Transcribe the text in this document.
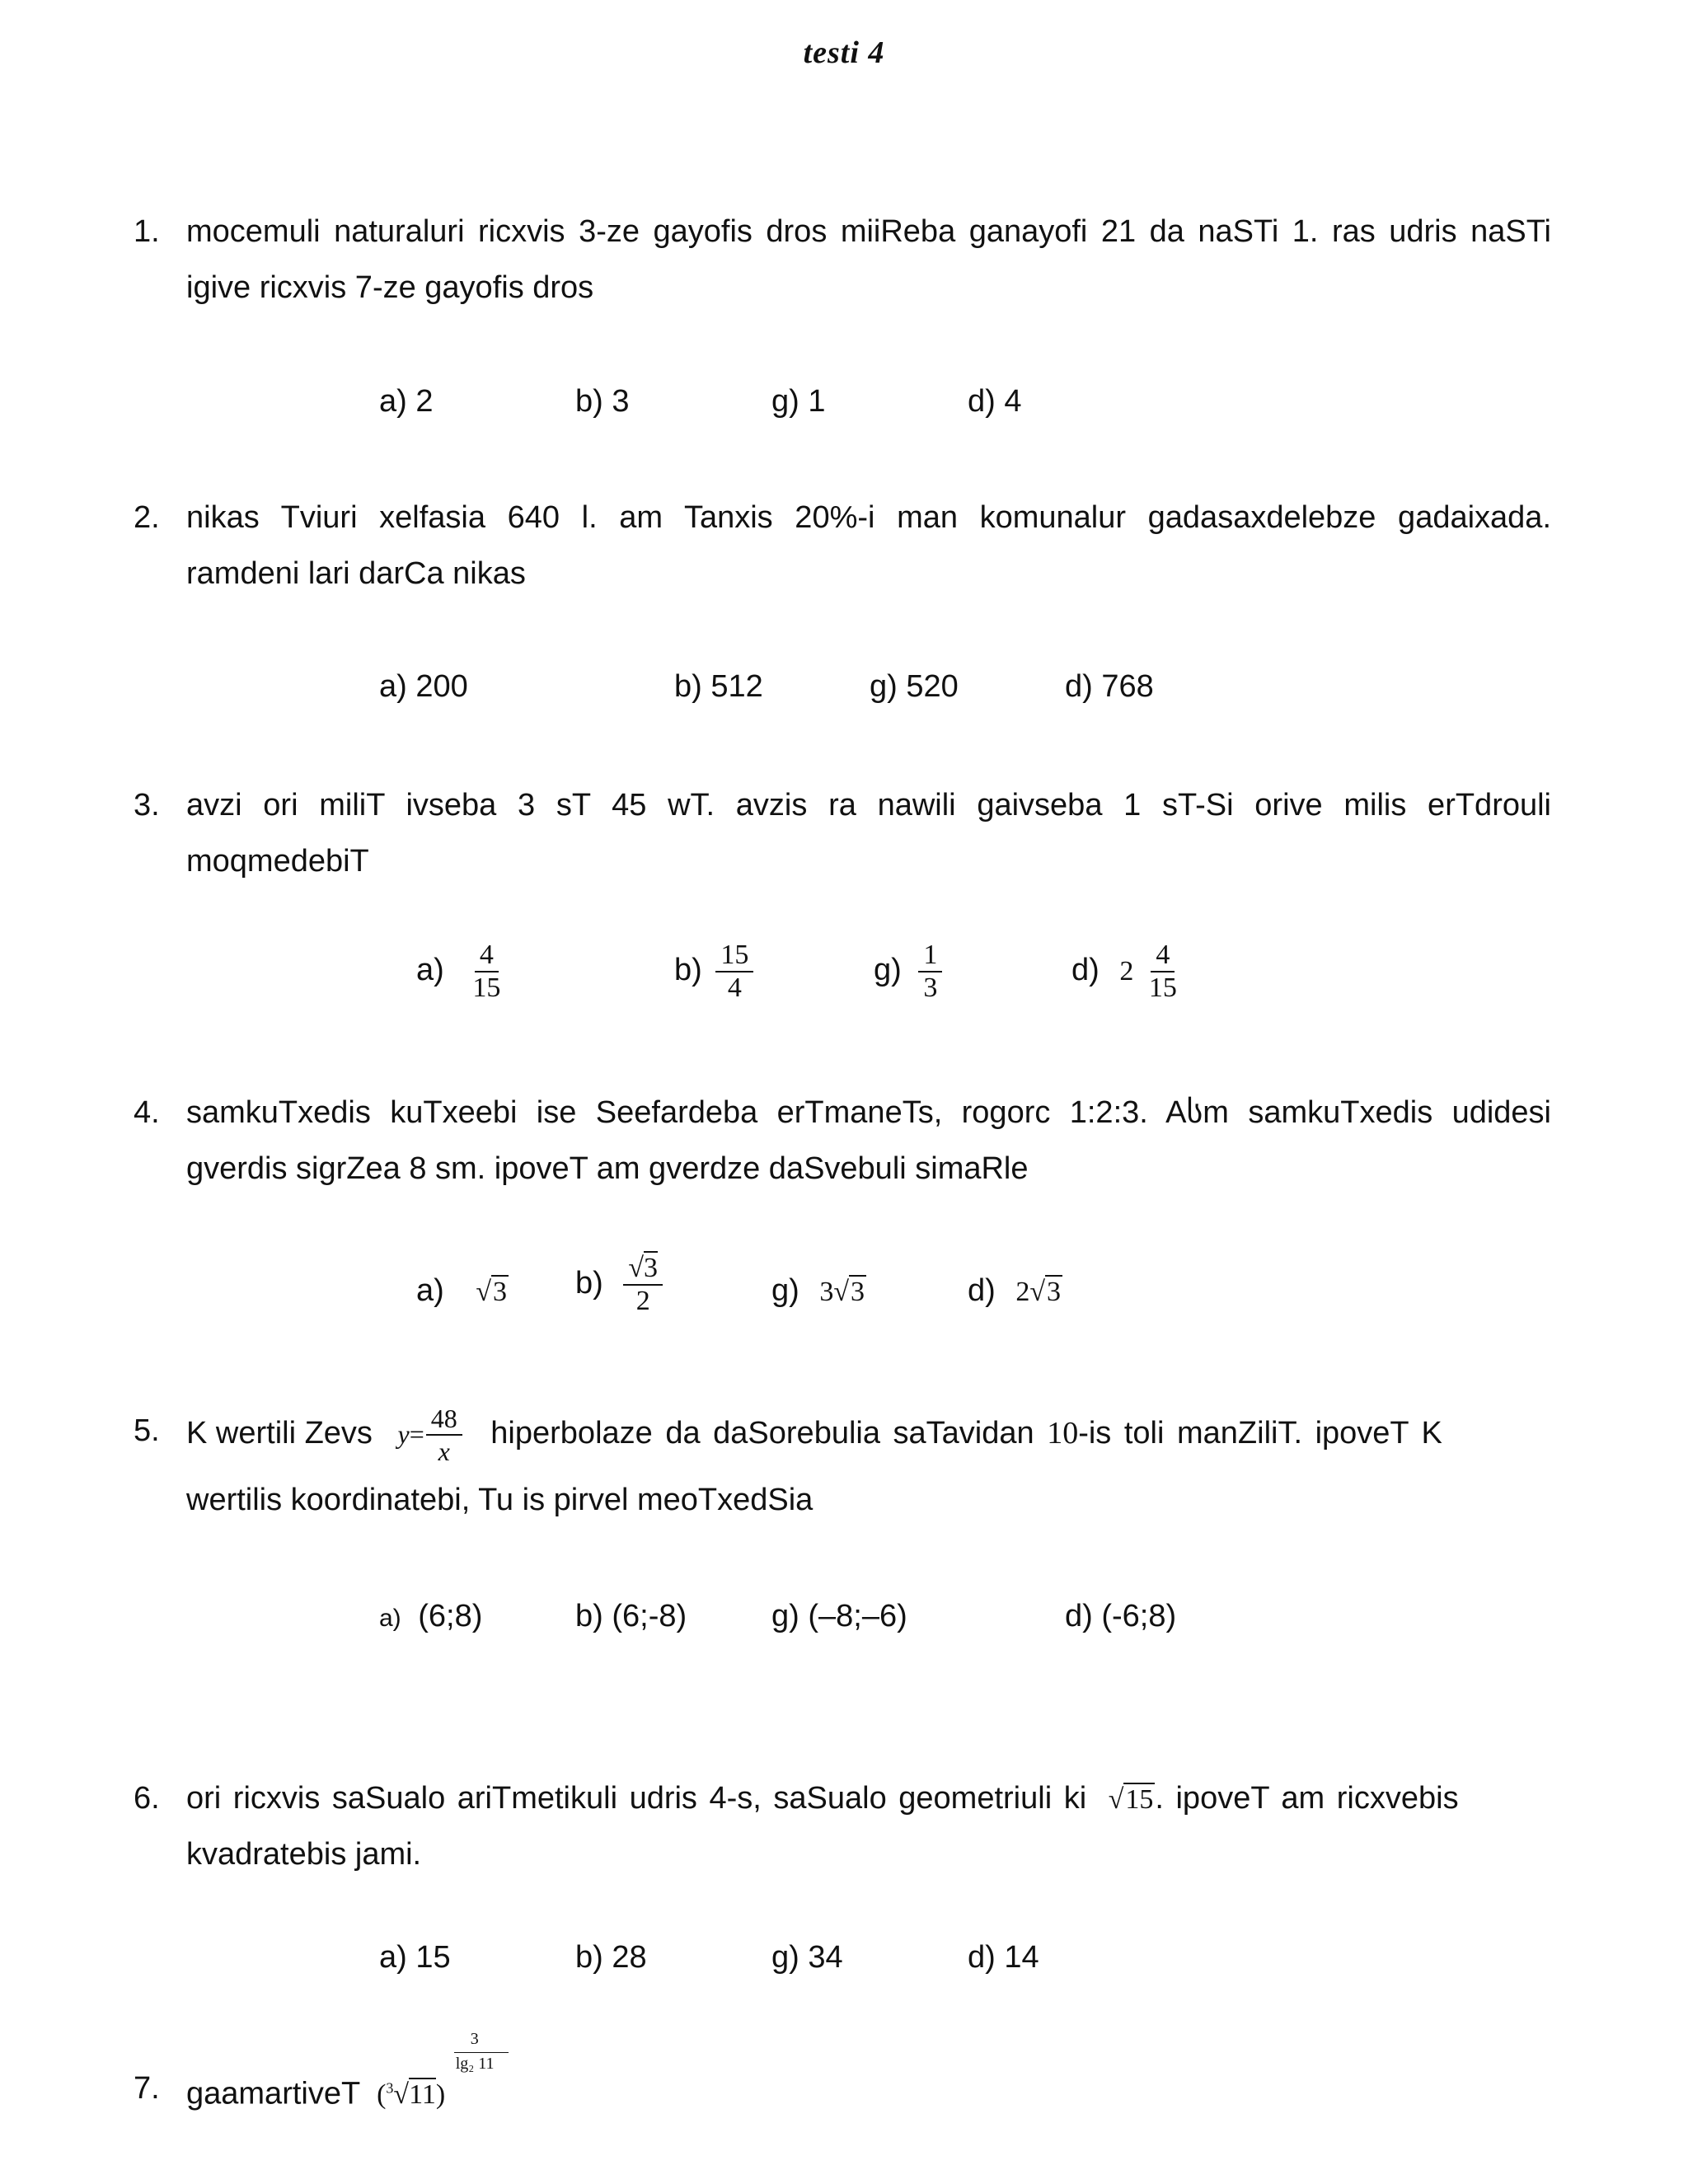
testi 4
1. mocemuli naturaluri ricxvis 3-ze gayofis dros miiReba ganayofi 21 da naSTi 1. ras udris naSTi
igive ricxvis 7-ze gayofis dros
a) 2	b) 3	g) 1	d) 4
2. nikas Tviuri xelfasia 640 l. am Tanxis 20%-i man komunalur gadasaxdelebze gadaixada.
ramdeni lari darCa nikas
a) 200	b) 512	g) 520	d) 768
3. avzi ori miliT ivseba 3 sT 45 wT. avzis ra nawili gaivseba 1 sT-Si orive milis erTdrouli
moqmedebiT
$a) \frac{4}{15}$	$b) \frac{15}{4}$	$g) \frac{1}{3}$	d) $2 \frac{4}{15}$
4. samkuTxedis kuTxeebi ise Seefardeba erTmaneTs, rogorc 1:2:3. Aსm samkuTxedis udidesi
gverdis sigrZea 8 sm. ipoveT am gverdze daSvebuli simaRle
a) √3 $b) \frac{√3}{2}$	g) 3√3	d) 2√3
5. K wertili Zevs $y= \frac{48}{x}$ hiperbolaze da daSorebulia saTavidan 10-is toli manZiliT. ipoveT K
wertilis koordinatebi, Tu is pirvel meoTxedSia
a) (6;8)	b) (6;-8)	g) (–8;–6)	d) (-6;8)
6. ori ricxvis saSualo ariTmetikuli udris 4-s, saSualo geometriuli ki √15. ipoveT am ricxvebis
kvadratebis jami.
a) 15	b) 28	g) 34	d) 14
7. gaamartiveT $(^3√11) \frac{3}{\text{lg₂ 11}}$
